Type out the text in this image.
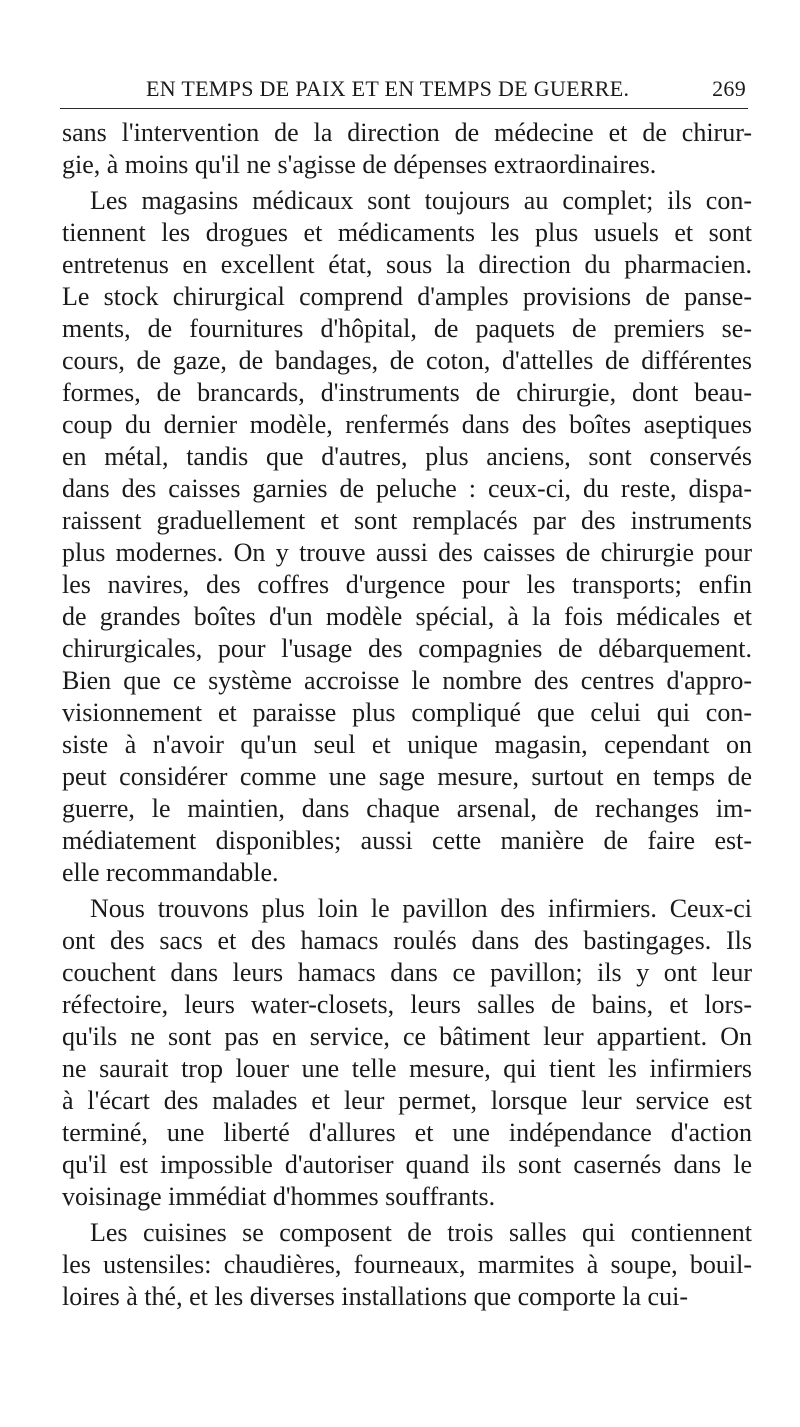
EN TEMPS DE PAIX ET EN TEMPS DE GUERRE.	269
sans l'intervention de la direction de médecine et de chirur-
gie, à moins qu'il ne s'agisse de dépenses extraordinaires.
Les magasins médicaux sont toujours au complet; ils con-
tiennent les drogues et médicaments les plus usuels et sont
entretenus en excellent état, sous la direction du pharmacien.
Le stock chirurgical comprend d'amples provisions de panse-
ments, de fournitures d'hôpital, de paquets de premiers se-
cours, de gaze, de bandages, de coton, d'attelles de différentes
formes, de brancards, d'instruments de chirurgie, dont beau-
coup du dernier modèle, renfermés dans des boîtes aseptiques
en métal, tandis que d'autres, plus anciens, sont conservés
dans des caisses garnies de peluche : ceux-ci, du reste, dispa-
raissent graduellement et sont remplacés par des instruments
plus modernes. On y trouve aussi des caisses de chirurgie pour
les navires, des coffres d'urgence pour les transports; enfin
de grandes boîtes d'un modèle spécial, à la fois médicales et
chirurgicales, pour l'usage des compagnies de débarquement.
Bien que ce système accroisse le nombre des centres d'appro-
visionnement et paraisse plus compliqué que celui qui con-
siste à n'avoir qu'un seul et unique magasin, cependant on
peut considérer comme une sage mesure, surtout en temps de
guerre, le maintien, dans chaque arsenal, de rechanges im-
médiatement disponibles; aussi cette manière de faire est-
elle recommandable.
Nous trouvons plus loin le pavillon des infirmiers. Ceux-ci
ont des sacs et des hamacs roulés dans des bastingages. Ils
couchent dans leurs hamacs dans ce pavillon; ils y ont leur
réfectoire, leurs water-closets, leurs salles de bains, et lors-
qu'ils ne sont pas en service, ce bâtiment leur appartient. On
ne saurait trop louer une telle mesure, qui tient les infirmiers
à l'écart des malades et leur permet, lorsque leur service est
terminé, une liberté d'allures et une indépendance d'action
qu'il est impossible d'autoriser quand ils sont casernés dans le
voisinage immédiat d'hommes souffrants.
Les cuisines se composent de trois salles qui contiennent
les ustensiles: chaudières, fourneaux, marmites à soupe, bouil-
loires à thé, et les diverses installations que comporte la cui-
